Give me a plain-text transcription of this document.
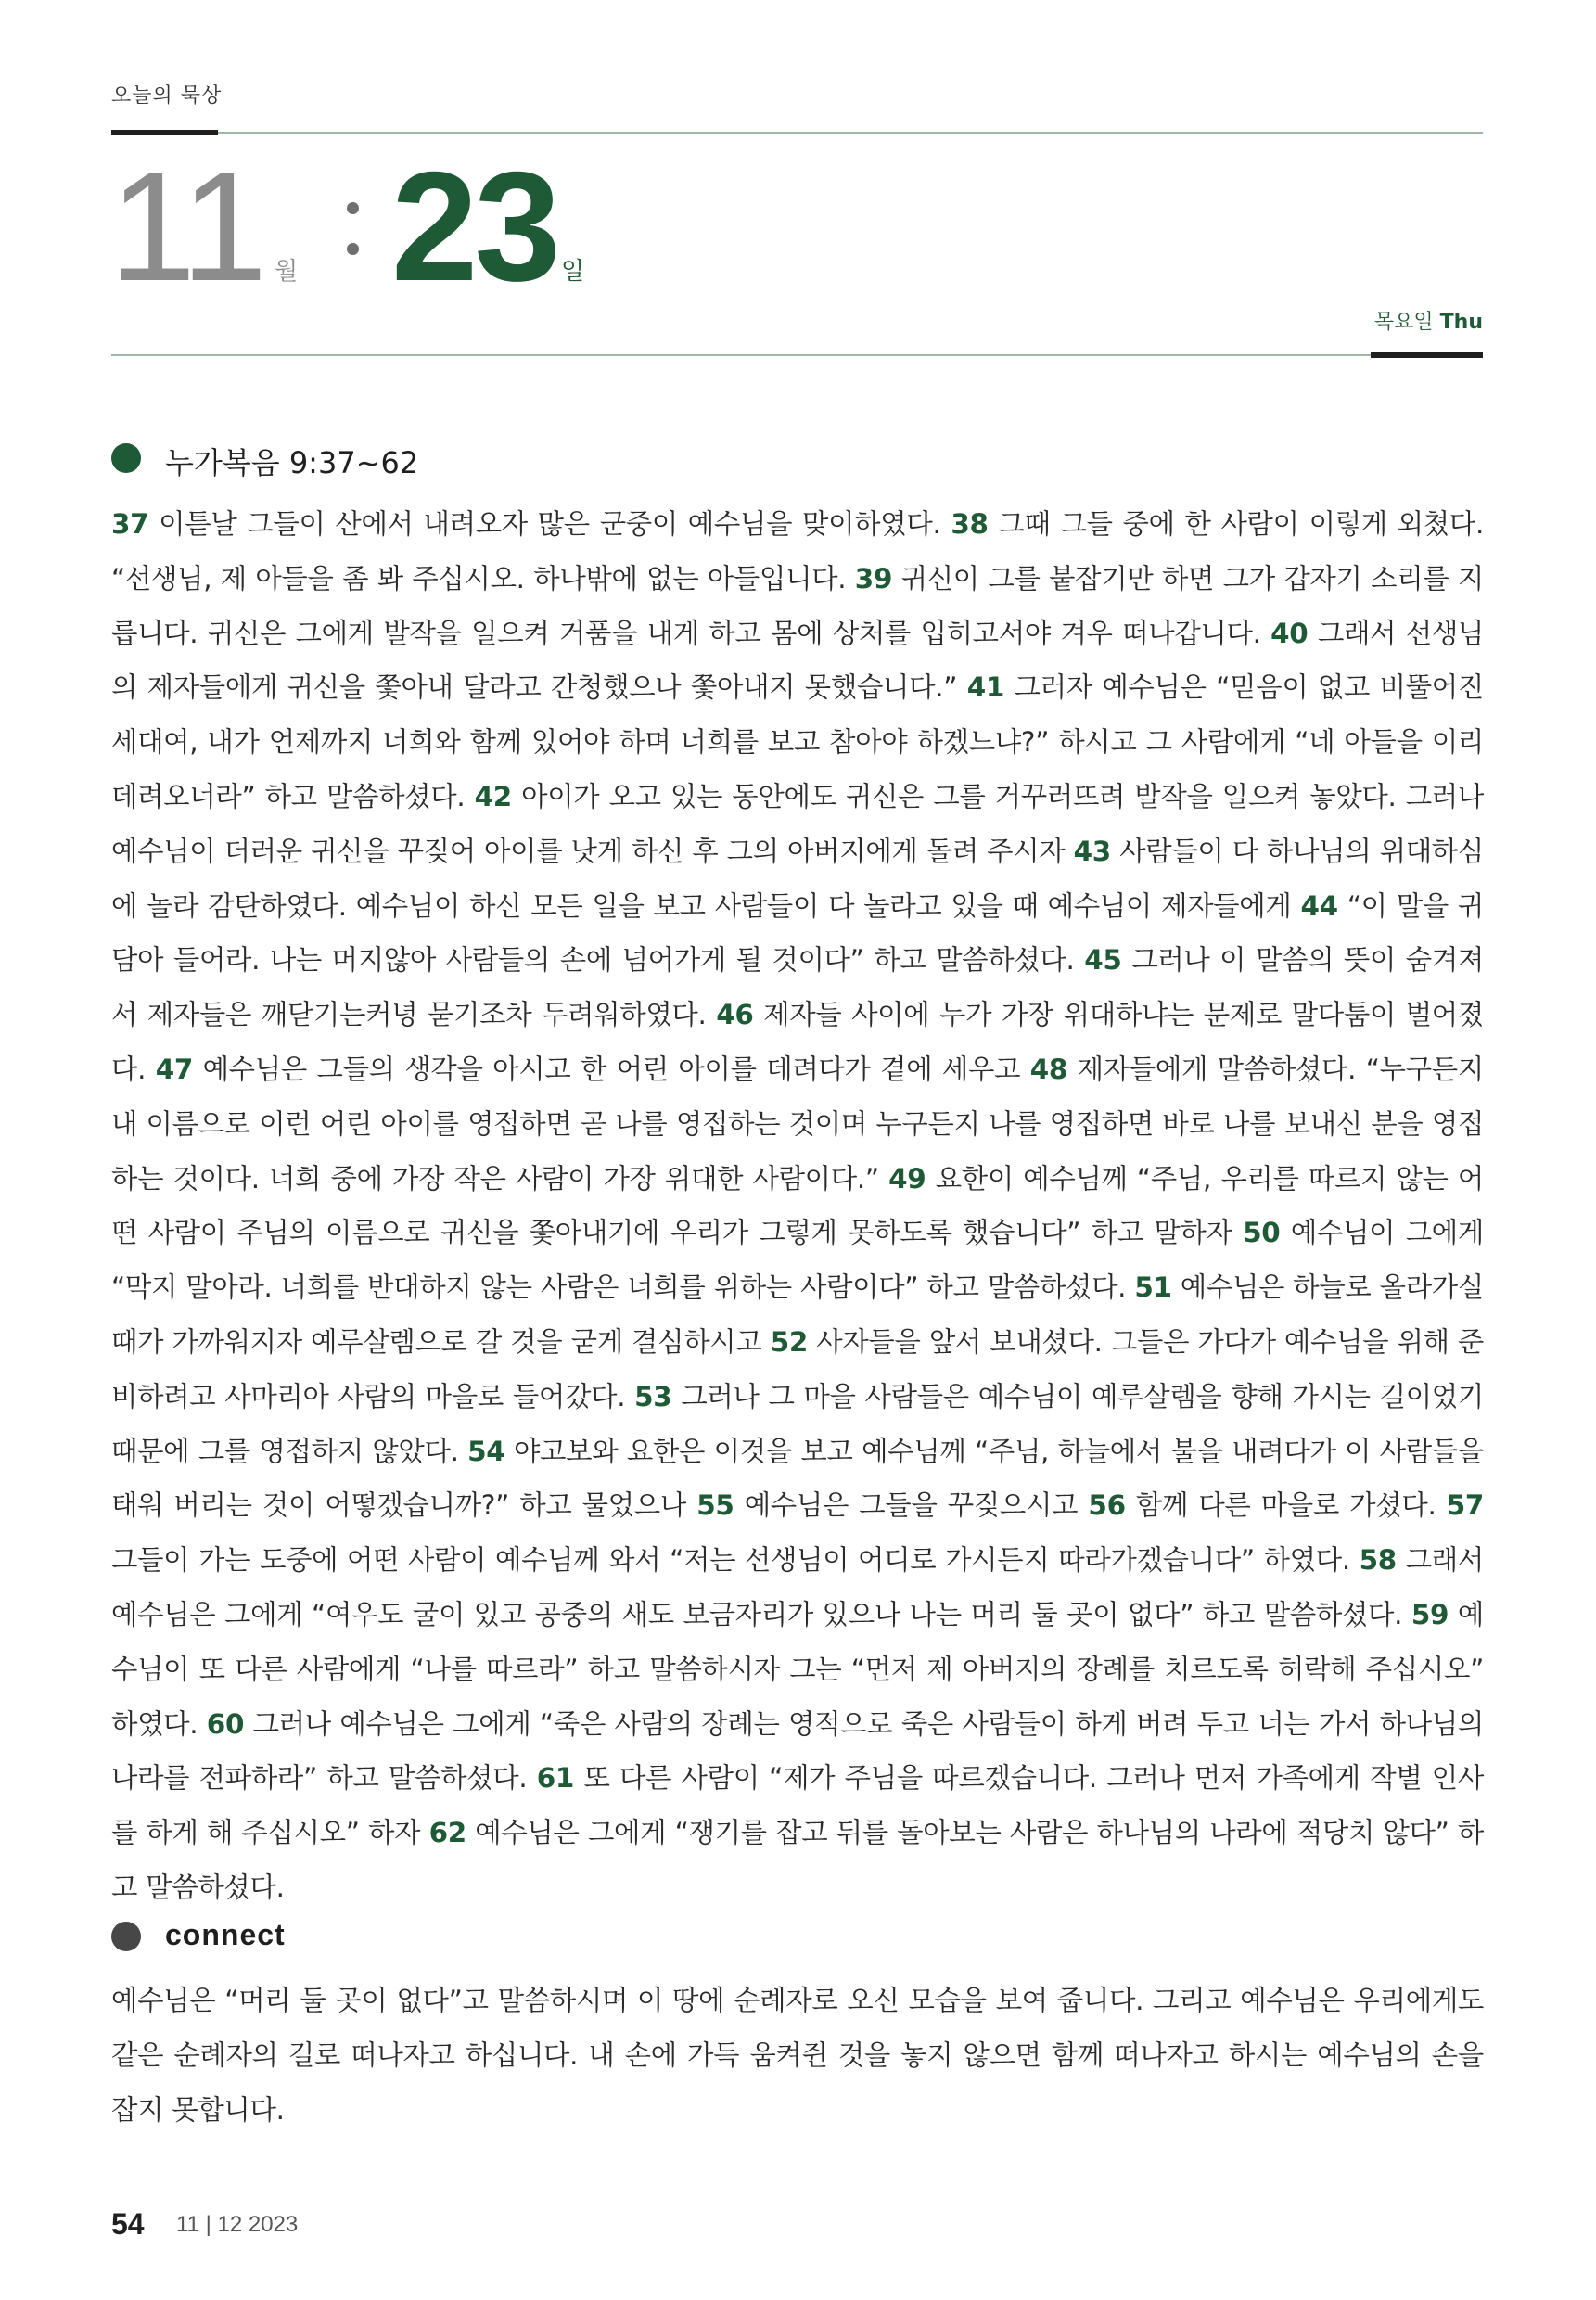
오늘의 묵상
11 월 23 일
목요일 Thu
누가복음 9:37~62

37 이튿날 그들이 산에서 내려오자 많은 군중이 예수님을 맞이하였다. 38 그때 그들 중에 한 사람이 이렇게 외쳤다. “선생님, 제 아들을 좀 봐 주십시오. 하나밖에 없는 아들입니다. 39 귀신이 그를 붙잡기만 하면 그가 갑자기 소리를 지릅니다. 귀신은 그에게 발작을 일으켜 거품을 내게 하고 몸에 상처를 입히고서야 겨우 떠나갑니다. 40 그래서 선생님의 제자들에게 귀신을 쫓아내 달라고 간청했으나 쫓아내지 못했습니다.” 41 그러자 예수님은 “믿음이 없고 비뚤어진 세대여, 내가 언제까지 너희와 함께 있어야 하며 너희를 보고 참아야 하겠느냐?” 하시고 그 사람에게 “네 아들을 이리 데려오너라” 하고 말씀하셨다. 42 아이가 오고 있는 동안에도 귀신은 그를 거꾸러뜨려 발작을 일으켜 놓았다. 그러나 예수님이 더러운 귀신을 꾸짖어 아이를 낫게 하신 후 그의 아버지에게 돌려 주시자 43 사람들이 다 하나님의 위대하심에 놀라 감탄하였다. 예수님이 하신 모든 일을 보고 사람들이 다 놀라고 있을 때 예수님이 제자들에게 44 “이 말을 귀담아 들어라. 나는 머지않아 사람들의 손에 넘어가게 될 것이다” 하고 말씀하셨다. 45 그러나 이 말씀의 뜻이 숨겨져서 제자들은 깨닫기는커녕 묻기조차 두려워하였다. 46 제자들 사이에 누가 가장 위대하냐는 문제로 말다툼이 벌어졌다. 47 예수님은 그들의 생각을 아시고 한 어린 아이를 데려다가 곁에 세우고 48 제자들에게 말씀하셨다. “누구든지 내 이름으로 이런 어린 아이를 영접하면 곧 나를 영접하는 것이며 누구든지 나를 영접하면 바로 나를 보내신 분을 영접하는 것이다. 너희 중에 가장 작은 사람이 가장 위대한 사람이다.” 49 요한이 예수님께 “주님, 우리를 따르지 않는 어떤 사람이 주님의 이름으로 귀신을 쫓아내기에 우리가 그렇게 못하도록 했습니다” 하고 말하자 50 예수님이 그에게 “막지 말아라. 너희를 반대하지 않는 사람은 너희를 위하는 사람이다” 하고 말씀하셨다. 51 예수님은 하늘로 올라가실 때가 가까워지자 예루살렘으로 갈 것을 굳게 결심하시고 52 사자들을 앞서 보내셨다. 그들은 가다가 예수님을 위해 준비하려고 사마리아 사람의 마을로 들어갔다. 53 그러나 그 마을 사람들은 예수님이 예루살렘을 향해 가시는 길이었기 때문에 그를 영접하지 않았다. 54 야고보와 요한은 이것을 보고 예수님께 “주님, 하늘에서 불을 내려다가 이 사람들을 태워 버리는 것이 어떻겠습니까?” 하고 물었으나 55 예수님은 그들을 꾸짖으시고 56 함께 다른 마을로 가셨다. 57 그들이 가는 도중에 어떤 사람이 예수님께 와서 “저는 선생님이 어디로 가시든지 따라가겠습니다” 하였다. 58 그래서 예수님은 그에게 “여우도 굴이 있고 공중의 새도 보금자리가 있으나 나는 머리 둘 곳이 없다” 하고 말씀하셨다. 59 예수님이 또 다른 사람에게 “나를 따르라” 하고 말씀하시자 그는 “먼저 제 아버지의 장례를 치르도록 허락해 주십시오” 하였다. 60 그러나 예수님은 그에게 “죽은 사람의 장례는 영적으로 죽은 사람들이 하게 버려 두고 너는 가서 하나님의 나라를 전파하라” 하고 말씀하셨다. 61 또 다른 사람이 “제가 주님을 따르겠습니다. 그러나 먼저 가족에게 작별 인사를 하게 해 주십시오” 하자 62 예수님은 그에게 “쟁기를 잡고 뒤를 돌아보는 사람은 하나님의 나라에 적당치 않다” 하고 말씀하셨다.

connect

예수님은 “머리 둘 곳이 없다”고 말씀하시며 이 땅에 순례자로 오신 모습을 보여 줍니다. 그리고 예수님은 우리에게도 같은 순례자의 길로 떠나자고 하십니다. 내 손에 가득 움켜쥔 것을 놓지 않으면 함께 떠나자고 하시는 예수님의 손을 잡지 못합니다.

54 11 | 12 2023
